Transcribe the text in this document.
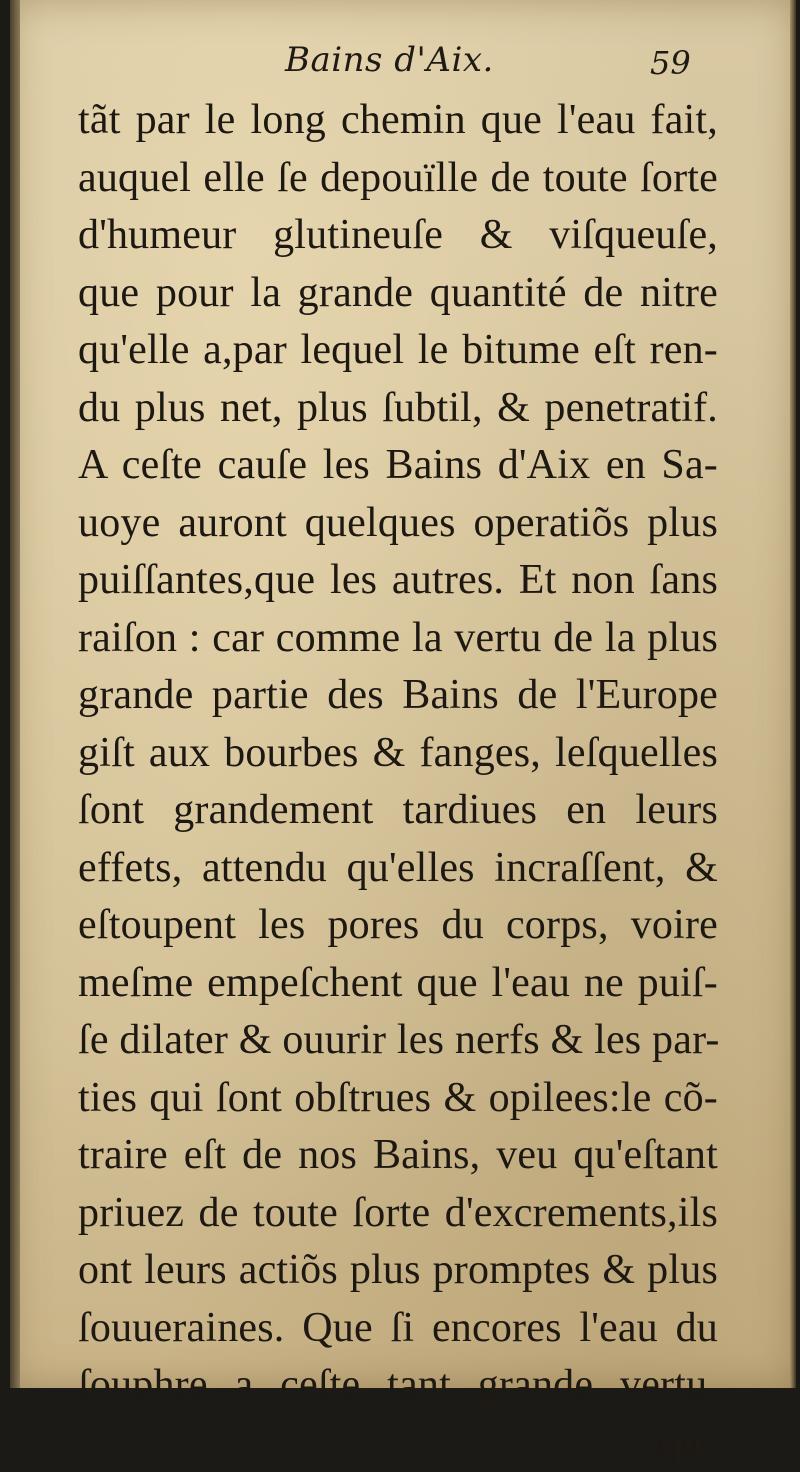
Bains d'Aix.	59
tãt par le long chemin que l'eau fait,
auquel elle ſe depouïlle de toute ſorte
d'humeur glutineuſe & viſqueuſe,
que pour la grande quantité de nitre
qu'elle a,par lequel le bitume eſt ren-
du plus net, plus ſubtil, & penetratif.
A ceſte cauſe les Bains d'Aix en Sa-
uoye auront quelques operatiõs plus
puiſſantes,que les autres. Et non ſans
raiſon : car comme la vertu de la plus
grande partie des Bains de l'Europe
giſt aux bourbes & fanges, leſquelles
ſont grandement tardiues en leurs
effets, attendu qu'elles incraſſent, &
eſtoupent les pores du corps, voire
meſme empeſchent que l'eau ne puiſ-
ſe dilater & ouurir les nerfs & les par-
ties qui ſont obſtrues & opilees:le cõ-
traire eſt de nos Bains, veu qu'eſtant
priuez de toute ſorte d'excrements,ils
ont leurs actiõs plus promptes & plus
ſouueraines. Que ſi encores l'eau du
ſouphre a ceſte tant grande vertu,
que
